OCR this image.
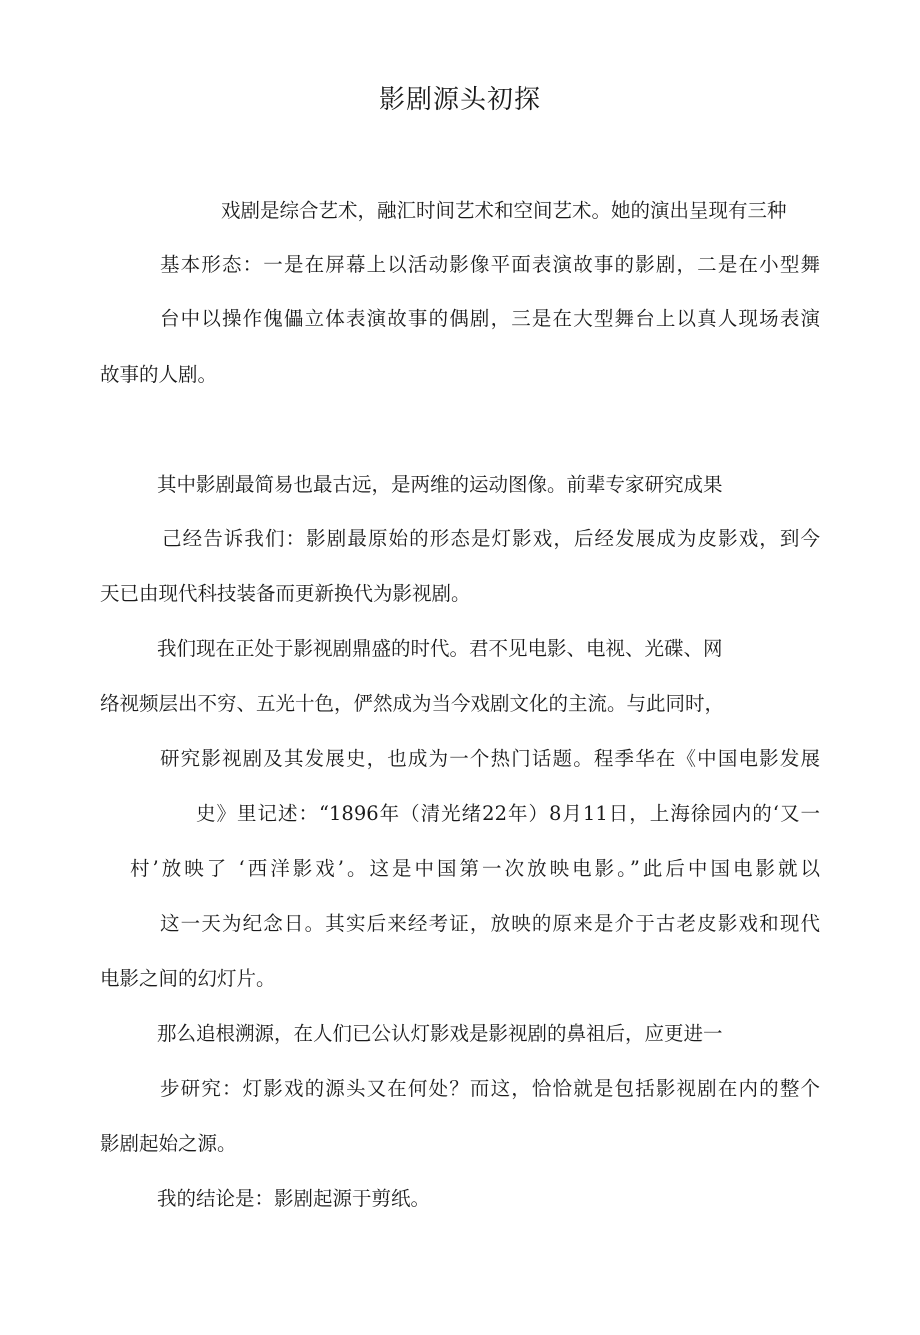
影剧源头初探
戏剧是综合艺术，融汇时间艺术和空间艺术。她的演出呈现有三种
基本形态：一是在屏幕上以活动影像平面表演故事的影剧，二是在小型舞
台中以操作傀儡立体表演故事的偶剧，三是在大型舞台上以真人现场表演
故事的人剧。
其中影剧最简易也最古远，是两维的运动图像。前辈专家研究成果
己经告诉我们：影剧最原始的形态是灯影戏，后经发展成为皮影戏，到今
天已由现代科技装备而更新换代为影视剧。
我们现在正处于影视剧鼎盛的时代。君不见电影、电视、光碟、网
络视频层出不穷、五光十色，俨然成为当今戏剧文化的主流。与此同时，
研究影视剧及其发展史，也成为一个热门话题。程季华在《中国电影发展
史》里记述：“1896年（清光绪22年）8月11日，上海徐园内的‘又一
村’放映了 ‘西洋影戏’。这是中国第一次放映电影。”此后中国电影就以
这一天为纪念日。其实后来经考证，放映的原来是介于古老皮影戏和现代
电影之间的幻灯片。
那么追根溯源，在人们已公认灯影戏是影视剧的鼻祖后，应更进一
步研究：灯影戏的源头又在何处？而这，恰恰就是包括影视剧在内的整个
影剧起始之源。
我的结论是：影剧起源于剪纸。
